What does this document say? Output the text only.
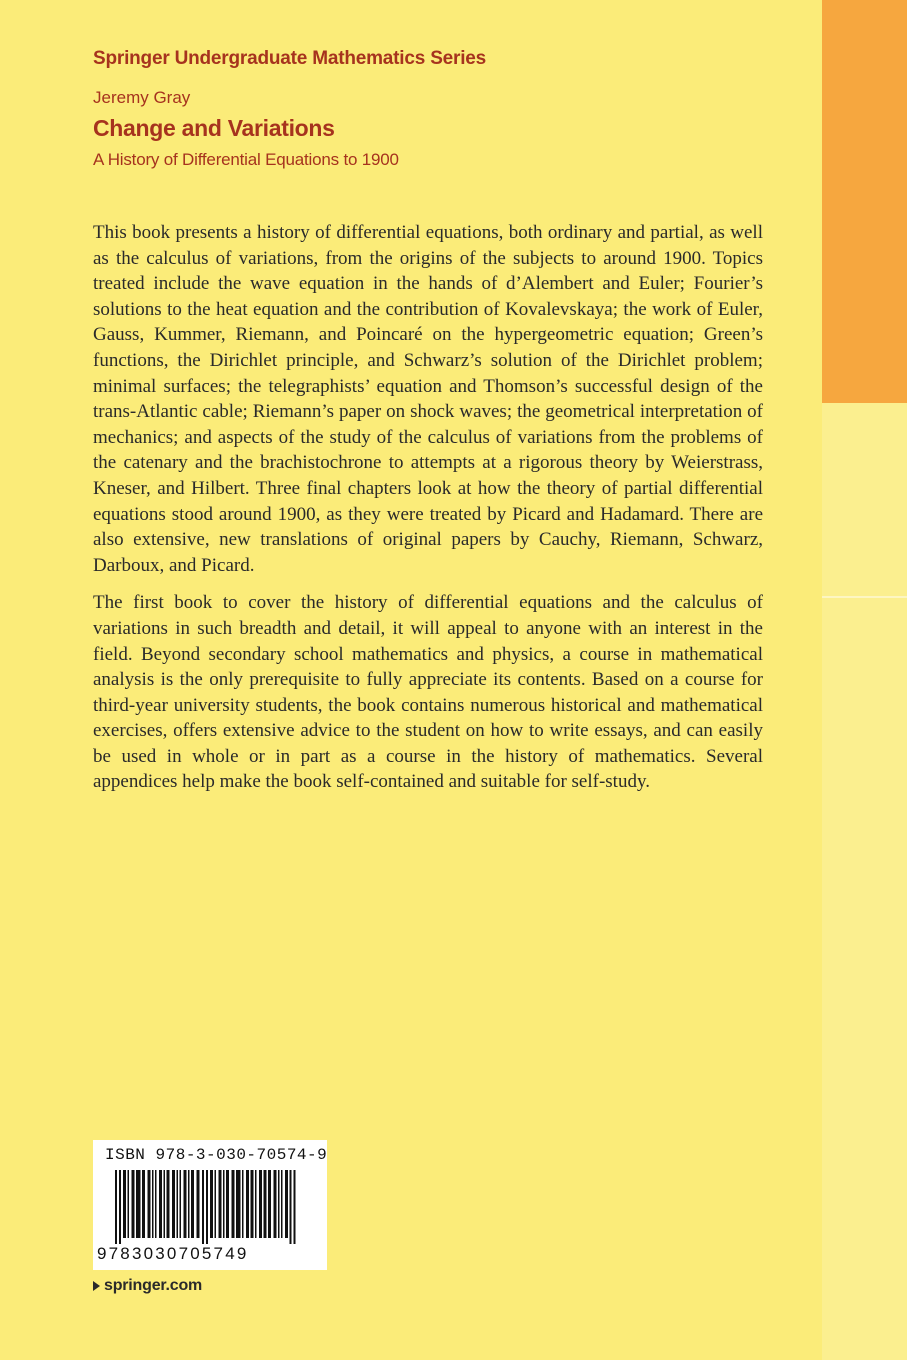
Springer Undergraduate Mathematics Series
Jeremy Gray
Change and Variations
A History of Differential Equations to 1900

This book presents a history of differential equations, both ordinary and partial, as well as the calculus of variations, from the origins of the subjects to around 1900. Topics treated include the wave equation in the hands of d’Alembert and Euler; Fourier’s solutions to the heat equation and the contribution of Kovalevskaya; the work of Euler, Gauss, Kummer, Riemann, and Poincaré on the hypergeometric equation; Green’s functions, the Dirichlet principle, and Schwarz’s solution of the Dirichlet problem; minimal surfaces; the telegraphists’ equation and Thomson’s successful design of the trans-Atlantic cable; Riemann’s paper on shock waves; the geometrical interpretation of mechanics; and aspects of the study of the calculus of variations from the problems of the catenary and the brachistochrone to attempts at a rigorous theory by Weierstrass, Kneser, and Hilbert. Three final chapters look at how the theory of partial differential equations stood around 1900, as they were treated by Picard and Hadamard. There are also extensive, new translations of original papers by Cauchy, Riemann, Schwarz, Darboux, and Picard.

The first book to cover the history of differential equations and the calculus of variations in such breadth and detail, it will appeal to anyone with an interest in the field. Beyond secondary school mathematics and physics, a course in mathematical analysis is the only prerequisite to fully appreciate its contents. Based on a course for third-year university students, the book contains numerous historical and mathematical exercises, offers extensive advice to the student on how to write essays, and can easily be used in whole or in part as a course in the history of mathematics. Several appendices help make the book self-contained and suitable for self-study.

ISBN 978-3-030-70574-9
9783030705749
springer.com
